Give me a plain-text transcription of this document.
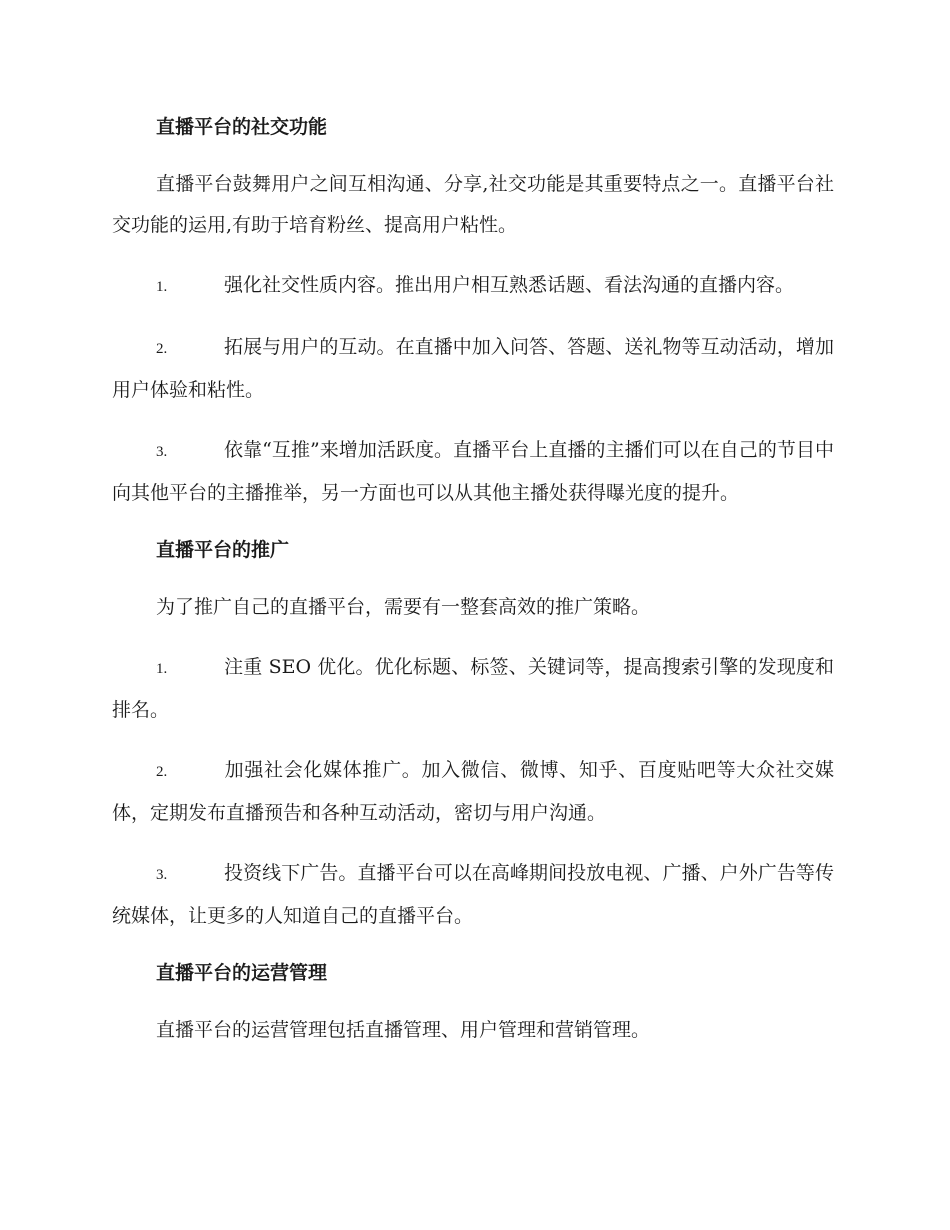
直播平台的社交功能

直播平台鼓舞用户之间互相沟通、分享,社交功能是其重要特点之一。直播平台社交功能的运用,有助于培育粉丝、提高用户粘性。

1.	强化社交性质内容。推出用户相互熟悉话题、看法沟通的直播内容。

2.	拓展与用户的互动。在直播中加入问答、答题、送礼物等互动活动，增加用户体验和粘性。

3.	依靠“互推”来增加活跃度。直播平台上直播的主播们可以在自己的节目中向其他平台的主播推举，另一方面也可以从其他主播处获得曝光度的提升。

直播平台的推广

为了推广自己的直播平台，需要有一整套高效的推广策略。

1.	注重 SEO 优化。优化标题、标签、关键词等，提高搜索引擎的发现度和排名。

2.	加强社会化媒体推广。加入微信、微博、知乎、百度贴吧等大众社交媒体，定期发布直播预告和各种互动活动，密切与用户沟通。

3.	投资线下广告。直播平台可以在高峰期间投放电视、广播、户外广告等传统媒体，让更多的人知道自己的直播平台。

直播平台的运营管理

直播平台的运营管理包括直播管理、用户管理和营销管理。
